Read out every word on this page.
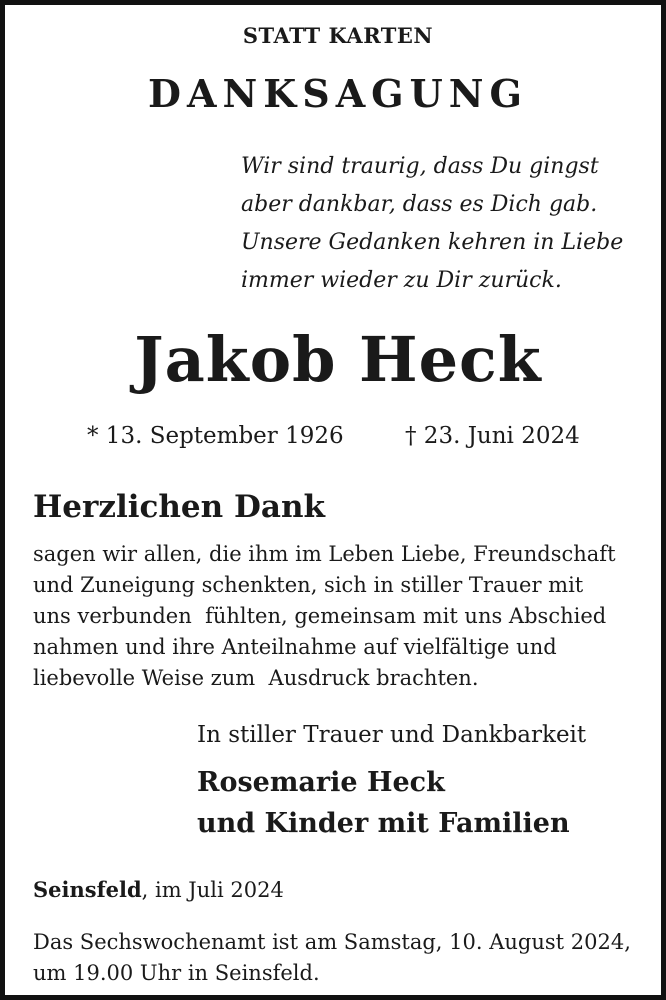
STATT KARTEN
DANKSAGUNG
Wir sind traurig, dass Du gingst
aber dankbar, dass es Dich gab.
Unsere Gedanken kehren in Liebe
immer wieder zu Dir zurück.
Jakob Heck
* 13. September 1926	† 23. Juni 2024
Herzlichen Dank
sagen wir allen, die ihm im Leben Liebe, Freundschaft
und Zuneigung schenkten, sich in stiller Trauer mit
uns verbunden  fühlten, gemeinsam mit uns Abschied
nahmen und ihre Anteilnahme auf vielfältige und
liebevolle Weise zum  Ausdruck brachten.
In stiller Trauer und Dankbarkeit
Rosemarie Heck
und Kinder mit Familien
Seinsfeld, im Juli 2024
Das Sechswochenamt ist am Samstag, 10. August 2024,
um 19.00 Uhr in Seinsfeld.
